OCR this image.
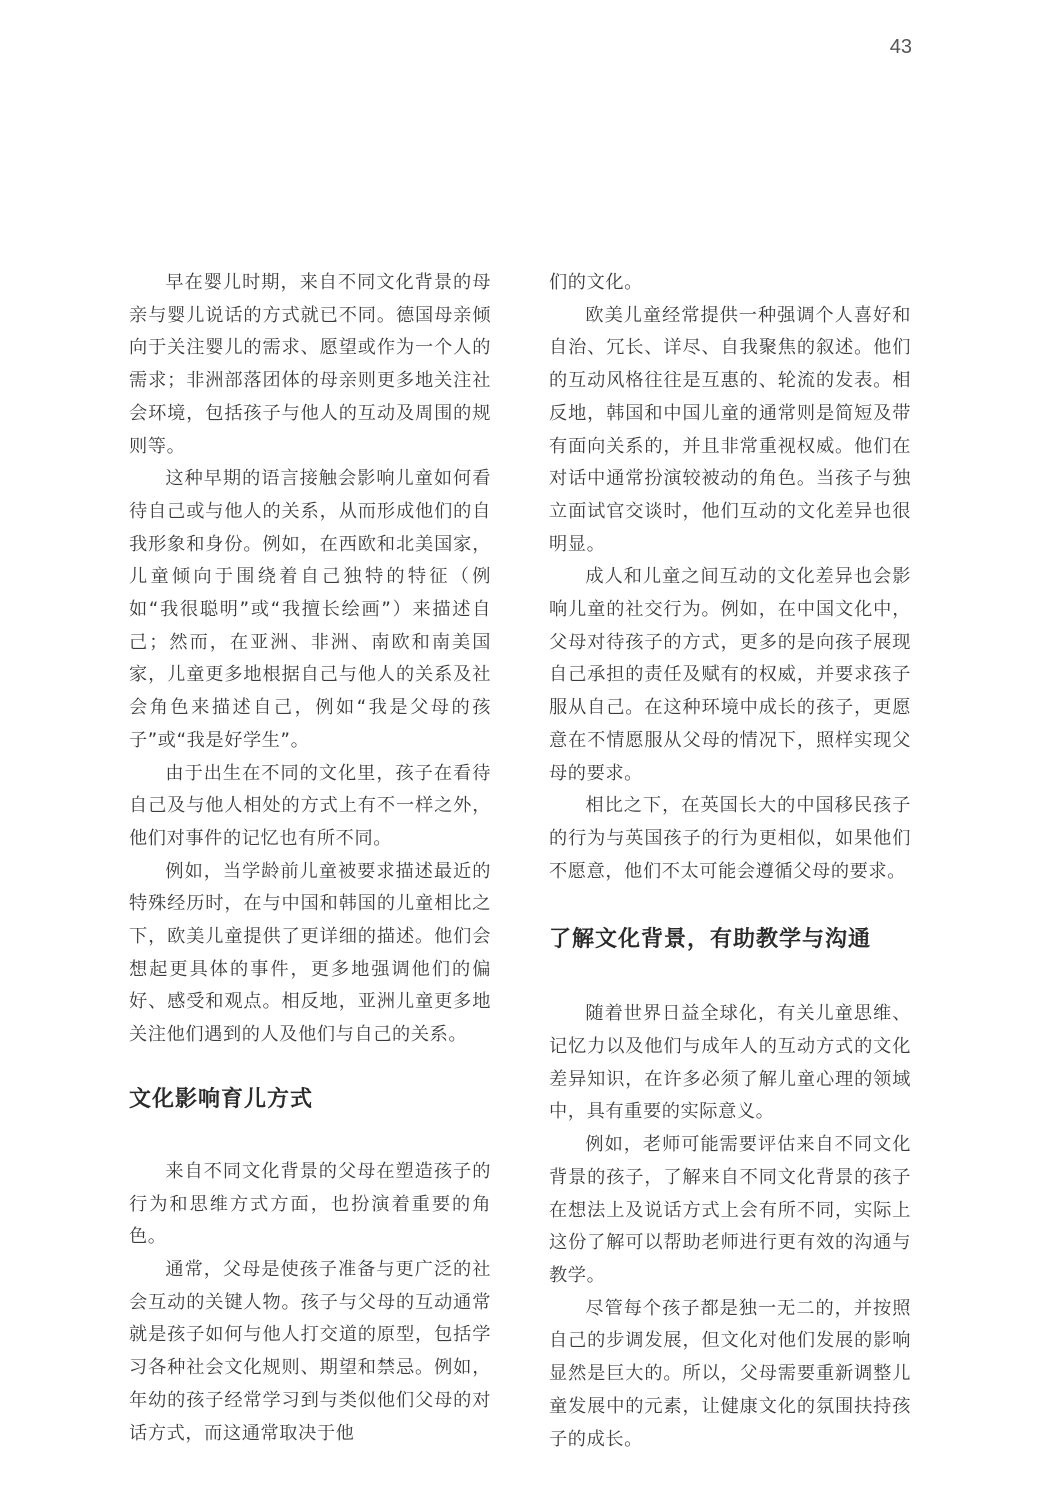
43

早在婴儿时期，来自不同文化背景的母亲与婴儿说话的方式就已不同。德国母亲倾向于关注婴儿的需求、愿望或作为一个人的需求；非洲部落团体的母亲则更多地关注社会环境，包括孩子与他人的互动及周围的规则等。

这种早期的语言接触会影响儿童如何看待自己或与他人的关系，从而形成他们的自我形象和身份。例如，在西欧和北美国家，儿童倾向于围绕着自己独特的特征（例如“我很聪明”或“我擅长绘画”）来描述自己；然而，在亚洲、非洲、南欧和南美国家，儿童更多地根据自己与他人的关系及社会角色来描述自己，例如“我是父母的孩子”或“我是好学生”。

由于出生在不同的文化里，孩子在看待自己及与他人相处的方式上有不一样之外，他们对事件的记忆也有所不同。

例如，当学龄前儿童被要求描述最近的特殊经历时，在与中国和韩国的儿童相比之下，欧美儿童提供了更详细的描述。他们会想起更具体的事件，更多地强调他们的偏好、感受和观点。相反地，亚洲儿童更多地关注他们遇到的人及他们与自己的关系。

文化影响育儿方式

来自不同文化背景的父母在塑造孩子的行为和思维方式方面，也扮演着重要的角色。

通常，父母是使孩子准备与更广泛的社会互动的关键人物。孩子与父母的互动通常就是孩子如何与他人打交道的原型，包括学习各种社会文化规则、期望和禁忌。例如，年幼的孩子经常学习到与类似他们父母的对话方式，而这通常取决于他

们的文化。

欧美儿童经常提供一种强调个人喜好和自治、冗长、详尽、自我聚焦的叙述。他们的互动风格往往是互惠的、轮流的发表。相反地，韩国和中国儿童的通常则是简短及带有面向关系的，并且非常重视权威。他们在对话中通常扮演较被动的角色。当孩子与独立面试官交谈时，他们互动的文化差异也很明显。

成人和儿童之间互动的文化差异也会影响儿童的社交行为。例如，在中国文化中，父母对待孩子的方式，更多的是向孩子展现自己承担的责任及赋有的权威，并要求孩子服从自己。在这种环境中成长的孩子，更愿意在不情愿服从父母的情况下，照样实现父母的要求。

相比之下，在英国长大的中国移民孩子的行为与英国孩子的行为更相似，如果他们不愿意，他们不太可能会遵循父母的要求。

了解文化背景，有助教学与沟通

随着世界日益全球化，有关儿童思维、记忆力以及他们与成年人的互动方式的文化差异知识，在许多必须了解儿童心理的领域中，具有重要的实际意义。

例如，老师可能需要评估来自不同文化背景的孩子，了解来自不同文化背景的孩子在想法上及说话方式上会有所不同，实际上这份了解可以帮助老师进行更有效的沟通与教学。

尽管每个孩子都是独一无二的，并按照自己的步调发展，但文化对他们发展的影响显然是巨大的。所以，父母需要重新调整儿童发展中的元素，让健康文化的氛围扶持孩子的成长。
